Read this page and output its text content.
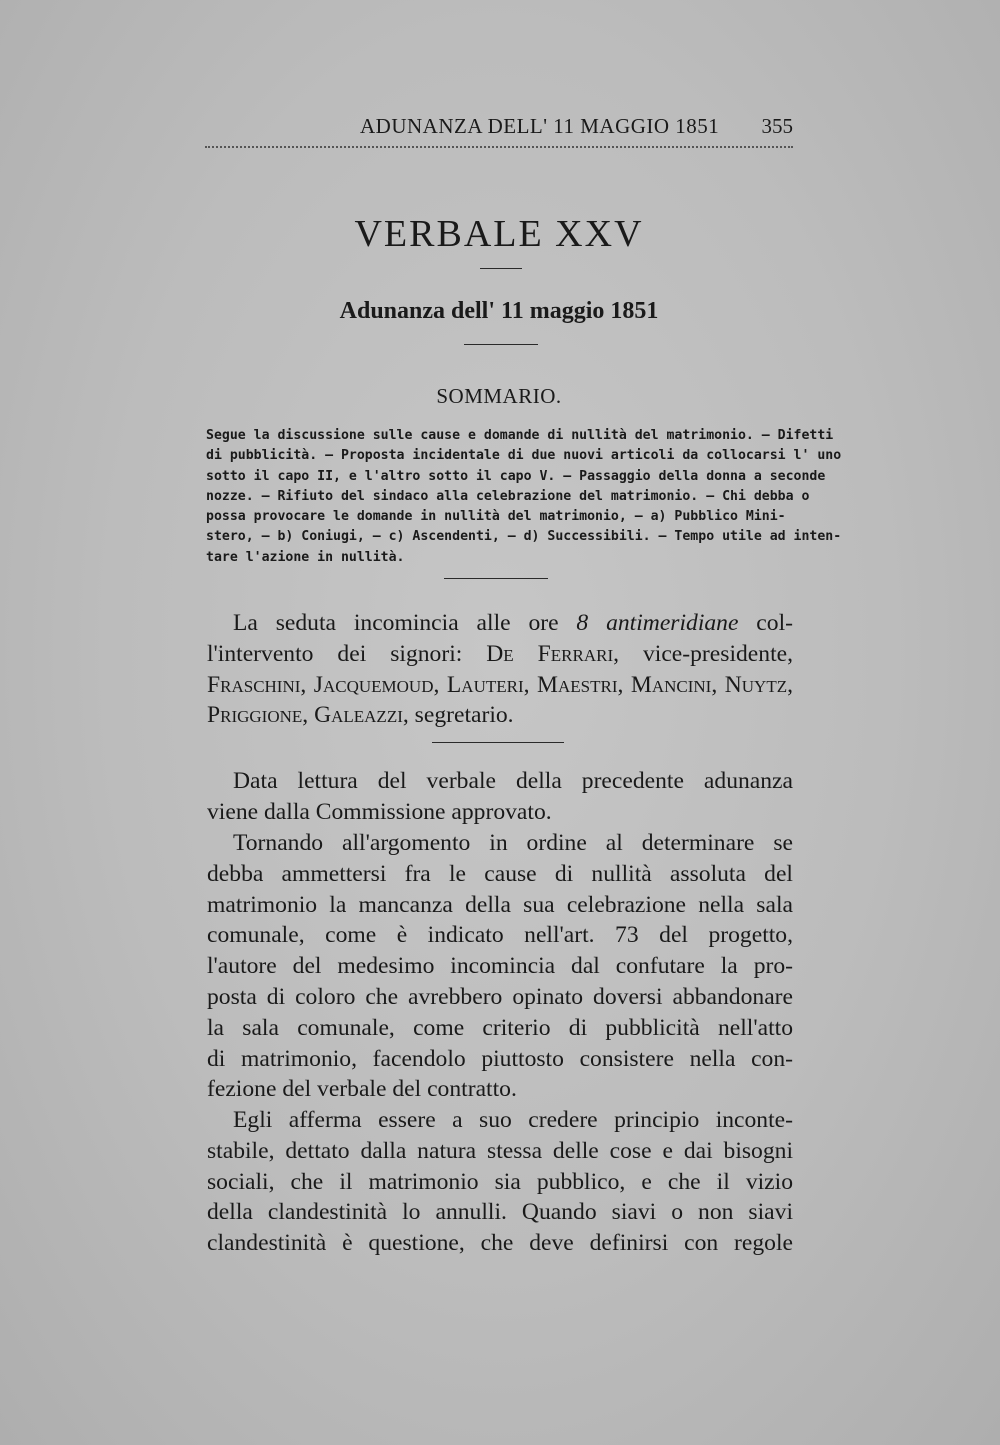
ADUNANZA DELL' 11 MAGGIO 1851 355
VERBALE XXV
Adunanza dell' 11 maggio 1851
SOMMARIO.
Segue la discussione sulle cause e domande di nullità del matrimonio. — Difetti
di pubblicità. — Proposta incidentale di due nuovi articoli da collocarsi l' uno
sotto il capo II, e l'altro sotto il capo V. — Passaggio della donna a seconde
nozze. — Rifiuto del sindaco alla celebrazione del matrimonio. — Chi debba o
possa provocare le domande in nullità del matrimonio, — a) Pubblico Mini-
stero, — b) Coniugi, — c) Ascendenti, — d) Successibili. — Tempo utile ad inten-
tare l'azione in nullità.
La seduta incomincia alle ore 8 antimeridiane col-
l'intervento dei signori: De Ferrari, vice-presidente,
Fraschini, Jacquemoud, Lauteri, Maestri, Mancini, Nuytz,
Priggione, Galeazzi, segretario.
Data lettura del verbale della precedente adunanza
viene dalla Commissione approvato.
Tornando all'argomento in ordine al determinare se
debba ammettersi fra le cause di nullità assoluta del
matrimonio la mancanza della sua celebrazione nella sala
comunale, come è indicato nell'art. 73 del progetto,
l'autore del medesimo incomincia dal confutare la pro-
posta di coloro che avrebbero opinato doversi abbandonare
la sala comunale, come criterio di pubblicità nell'atto
di matrimonio, facendolo piuttosto consistere nella con-
fezione del verbale del contratto.
Egli afferma essere a suo credere principio inconte-
stabile, dettato dalla natura stessa delle cose e dai bisogni
sociali, che il matrimonio sia pubblico, e che il vizio
della clandestinità lo annulli. Quando siavi o non siavi
clandestinità è questione, che deve definirsi con regole
